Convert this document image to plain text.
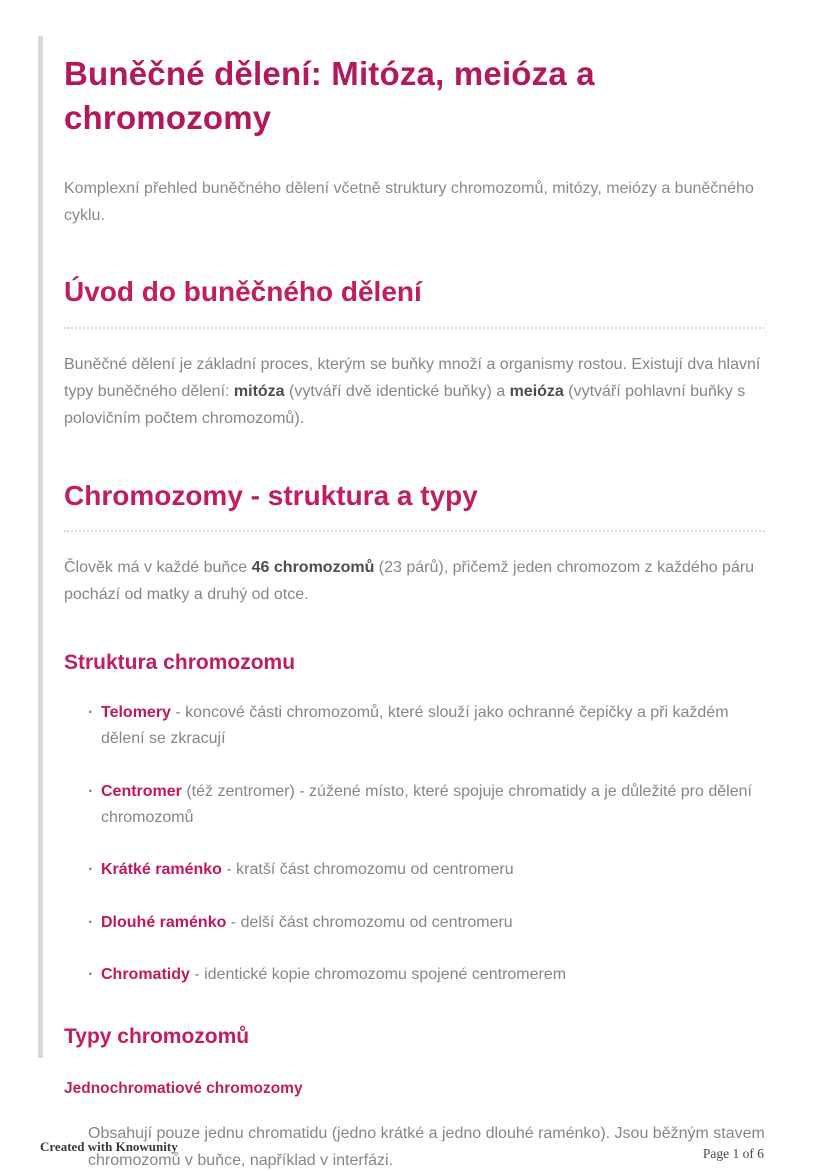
Buněčné dělení: Mitóza, meióza a chromozomy

Komplexní přehled buněčného dělení včetně struktury chromozomů, mitózy, meiózy a buněčného cyklu.

Úvod do buněčného dělení

Buněčné dělení je základní proces, kterým se buňky množí a organismy rostou. Existují dva hlavní typy buněčného dělení: mitóza (vytváří dvě identické buňky) a meióza (vytváří pohlavní buňky s polovičním počtem chromozomů).

Chromozomy - struktura a typy

Člověk má v každé buňce 46 chromozomů (23 párů), přičemž jeden chromozom z každého páru pochází od matky a druhý od otce.

Struktura chromozomu
· Telomery - koncové části chromozomů, které slouží jako ochranné čepičky a při každém dělení se zkracují
· Centromer (též zentromer) - zúžené místo, které spojuje chromatidy a je důležité pro dělení chromozomů
· Krátké raménko - kratší část chromozomu od centromeru
· Dlouhé raménko - delší část chromozomu od centromeru
· Chromatidy - identické kopie chromozomu spojené centromerem
Typy chromozomů
Jednochromatiové chromozomy

Obsahují pouze jednu chromatidu (jedno krátké a jedno dlouhé raménko). Jsou běžným stavem chromozomů v buňce, například v interfázi.

Created with Knowunity	Page 1 of 6
